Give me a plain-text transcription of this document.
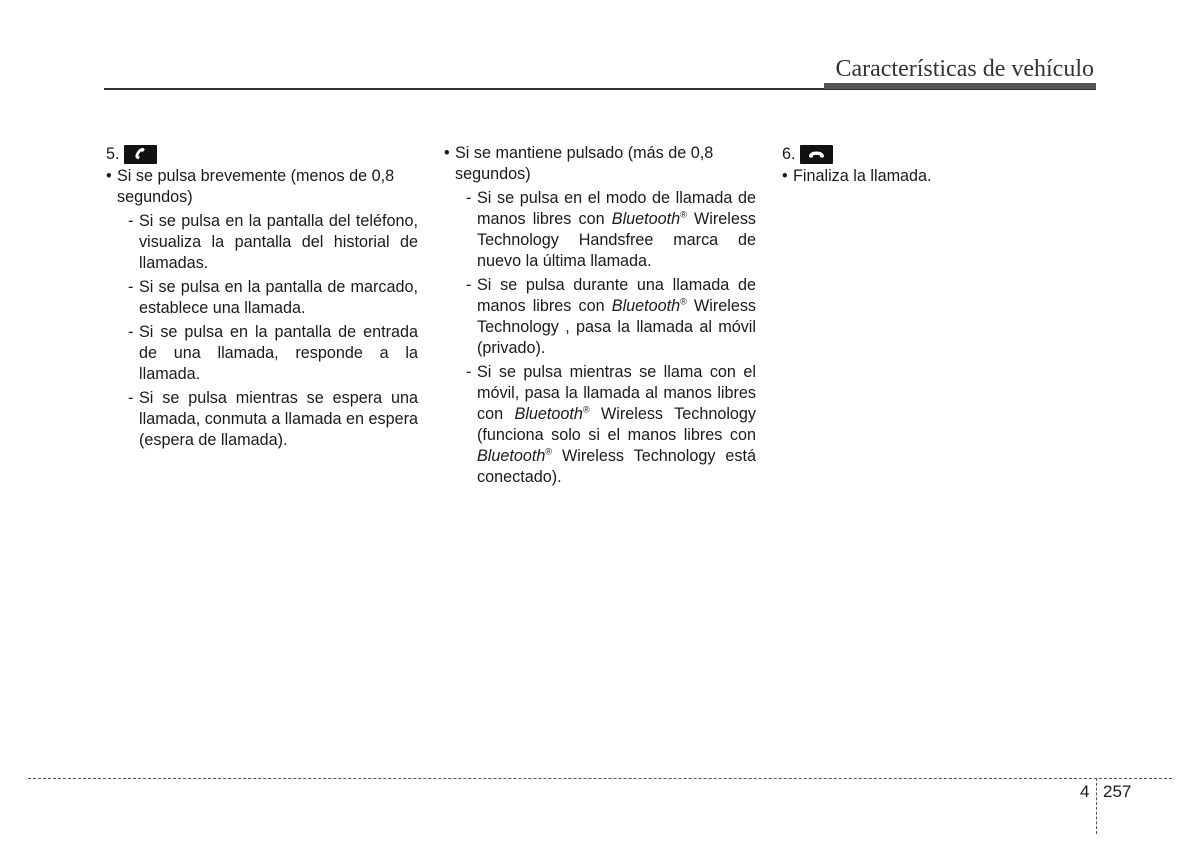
Características de vehículo
5.
• Si se pulsa brevemente (menos de 0,8 segundos)
- Si se pulsa en la pantalla del teléfono, visualiza la pantalla del historial de llamadas.
- Si se pulsa en la pantalla de marcado, establece una llamada.
- Si se pulsa en la pantalla de entrada de una llamada, responde a la llamada.
- Si se pulsa mientras se espera una llamada, conmuta a llamada en espera (espera de llamada).
• Si se mantiene pulsado (más de 0,8 segundos)
- Si se pulsa en el modo de llamada de manos libres con Bluetooth® Wireless Technology Handsfree marca de nuevo la última llamada.
- Si se pulsa durante una llamada de manos libres con Bluetooth® Wireless Technology , pasa la llamada al móvil (privado).
- Si se pulsa mientras se llama con el móvil, pasa la llamada al manos libres con Bluetooth® Wireless Technology (funciona solo si el manos libres con Bluetooth® Wireless Technology está conectado).
6.
• Finaliza la llamada.
4 257
